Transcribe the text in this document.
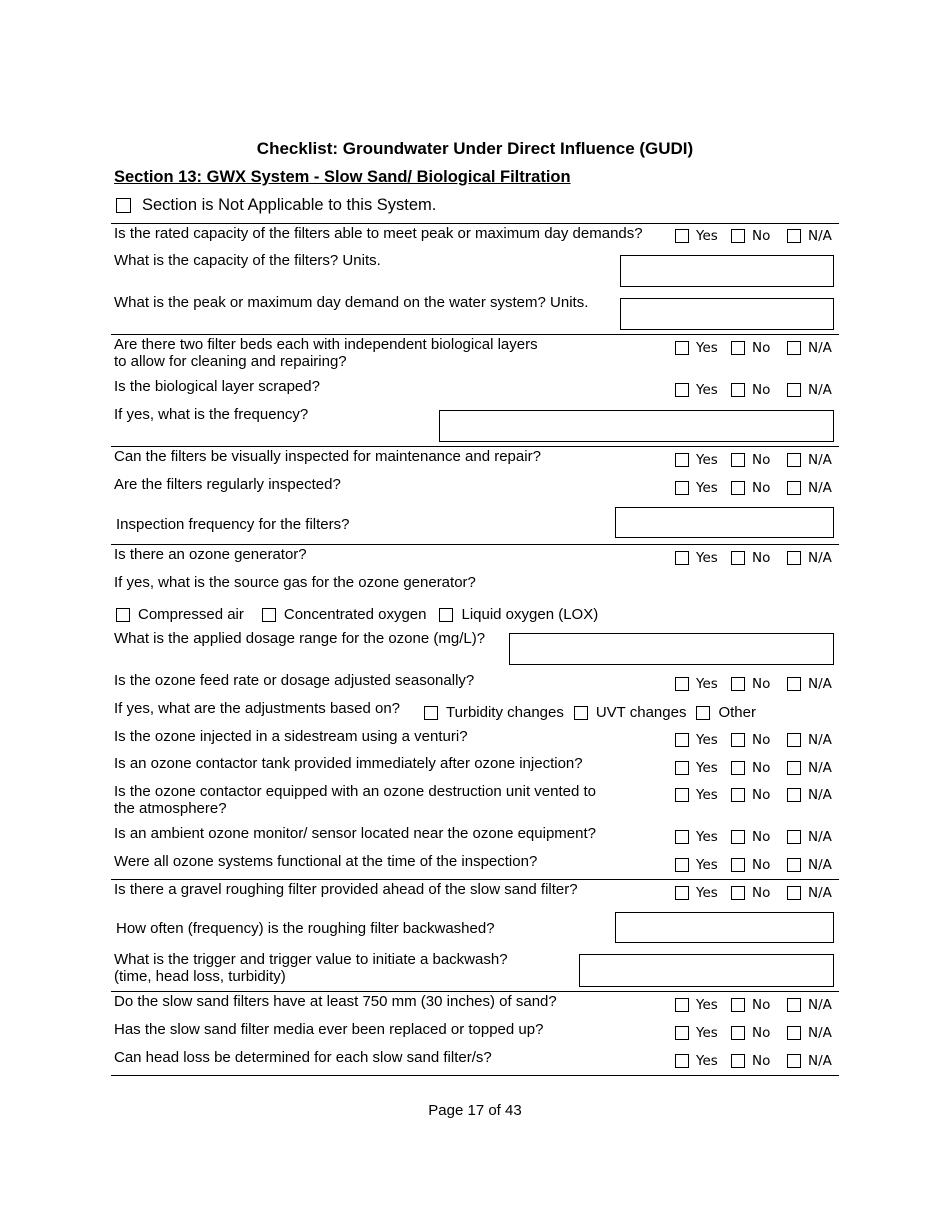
Checklist: Groundwater Under Direct Influence (GUDI)
Section 13: GWX System - Slow Sand/ Biological Filtration
Section is Not Applicable to this System.
Is the rated capacity of the filters able to meet peak or maximum day demands?	Yes	No	N/A
What is the capacity of the filters? Units.
What is the peak or maximum day demand on the water system? Units.
Are there two filter beds each with independent biological layers
to allow for cleaning and repairing?
Yes	No	N/A
Is the biological layer scraped?	Yes	No	N/A
If yes, what is the frequency?
Can the filters be visually inspected for maintenance and repair?	Yes	No	N/A
Are the filters regularly inspected?	Yes	No	N/A
Inspection frequency for the filters?
Is there an ozone generator?	Yes	No	N/A
If yes, what is the source gas for the ozone generator?
Compressed air	Concentrated oxygen Liquid oxygen (LOX)
What is the applied dosage range for the ozone (mg/L)?
Is the ozone feed rate or dosage adjusted seasonally?	Yes	No	N/A
If yes, what are the adjustments based on?	Turbidity changes UVT changes Other
Is the ozone injected in a sidestream using a venturi?	Yes	No	N/A
Is an ozone contactor tank provided immediately after ozone injection?	Yes	No	N/A
Is the ozone contactor equipped with an ozone destruction unit vented to
the atmosphere?
Yes	No	N/A
Is an ambient ozone monitor/ sensor located near the ozone equipment?	Yes	No	N/A
Were all ozone systems functional at the time of the inspection?	Yes	No	N/A
Is there a gravel roughing filter provided ahead of the slow sand filter?	Yes	No	N/A
How often (frequency) is the roughing filter backwashed?
What is the trigger and trigger value to initiate a backwash?
(time, head loss, turbidity)
Do the slow sand filters have at least 750 mm (30 inches) of sand?	Yes	No	N/A
Has the slow sand filter media ever been replaced or topped up?	Yes	No	N/A
Can head loss be determined for each slow sand filter/s?	Yes	No	N/A
Page 17 of 43
